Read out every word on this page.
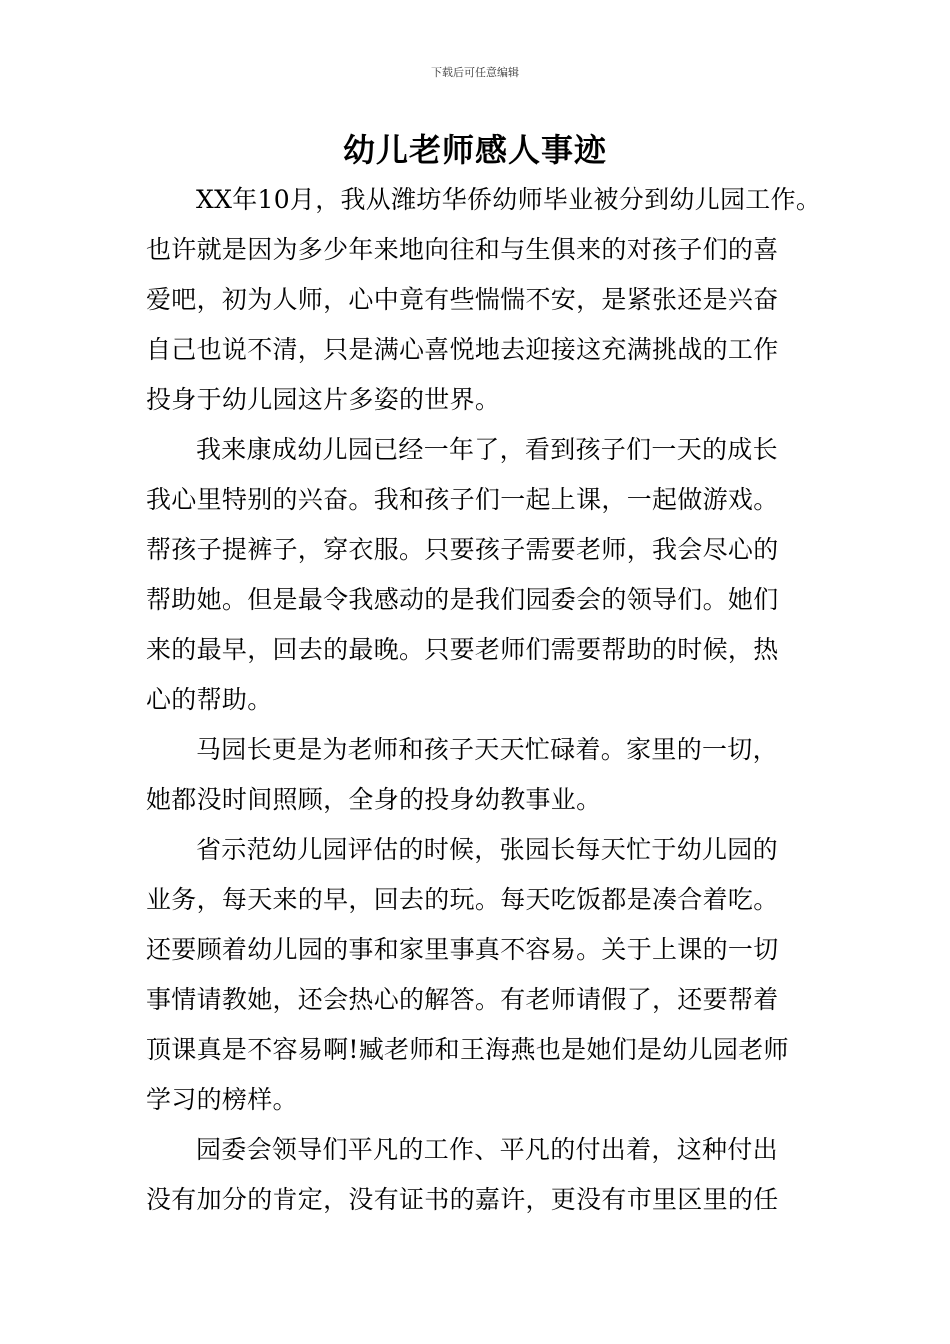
下载后可任意编辑
幼儿老师感人事迹
XX年10月，我从潍坊华侨幼师毕业被分到幼儿园工作。
也许就是因为多少年来地向往和与生俱来的对孩子们的喜
爱吧，初为人师，心中竟有些惴惴不安，是紧张还是兴奋
自己也说不清，只是满心喜悦地去迎接这充满挑战的工作
投身于幼儿园这片多姿的世界。
我来康成幼儿园已经一年了，看到孩子们一天的成长
我心里特别的兴奋。我和孩子们一起上课，一起做游戏。
帮孩子提裤子，穿衣服。只要孩子需要老师，我会尽心的
帮助她。但是最令我感动的是我们园委会的领导们。她们
来的最早，回去的最晚。只要老师们需要帮助的时候，热
心的帮助。
马园长更是为老师和孩子天天忙碌着。家里的一切，
她都没时间照顾，全身的投身幼教事业。
省示范幼儿园评估的时候，张园长每天忙于幼儿园的
业务，每天来的早，回去的玩。每天吃饭都是凑合着吃。
还要顾着幼儿园的事和家里事真不容易。关于上课的一切
事情请教她，还会热心的解答。有老师请假了，还要帮着
顶课真是不容易啊!臧老师和王海燕也是她们是幼儿园老师
学习的榜样。
园委会领导们平凡的工作、平凡的付出着，这种付出
没有加分的肯定，没有证书的嘉许，更没有市里区里的任
